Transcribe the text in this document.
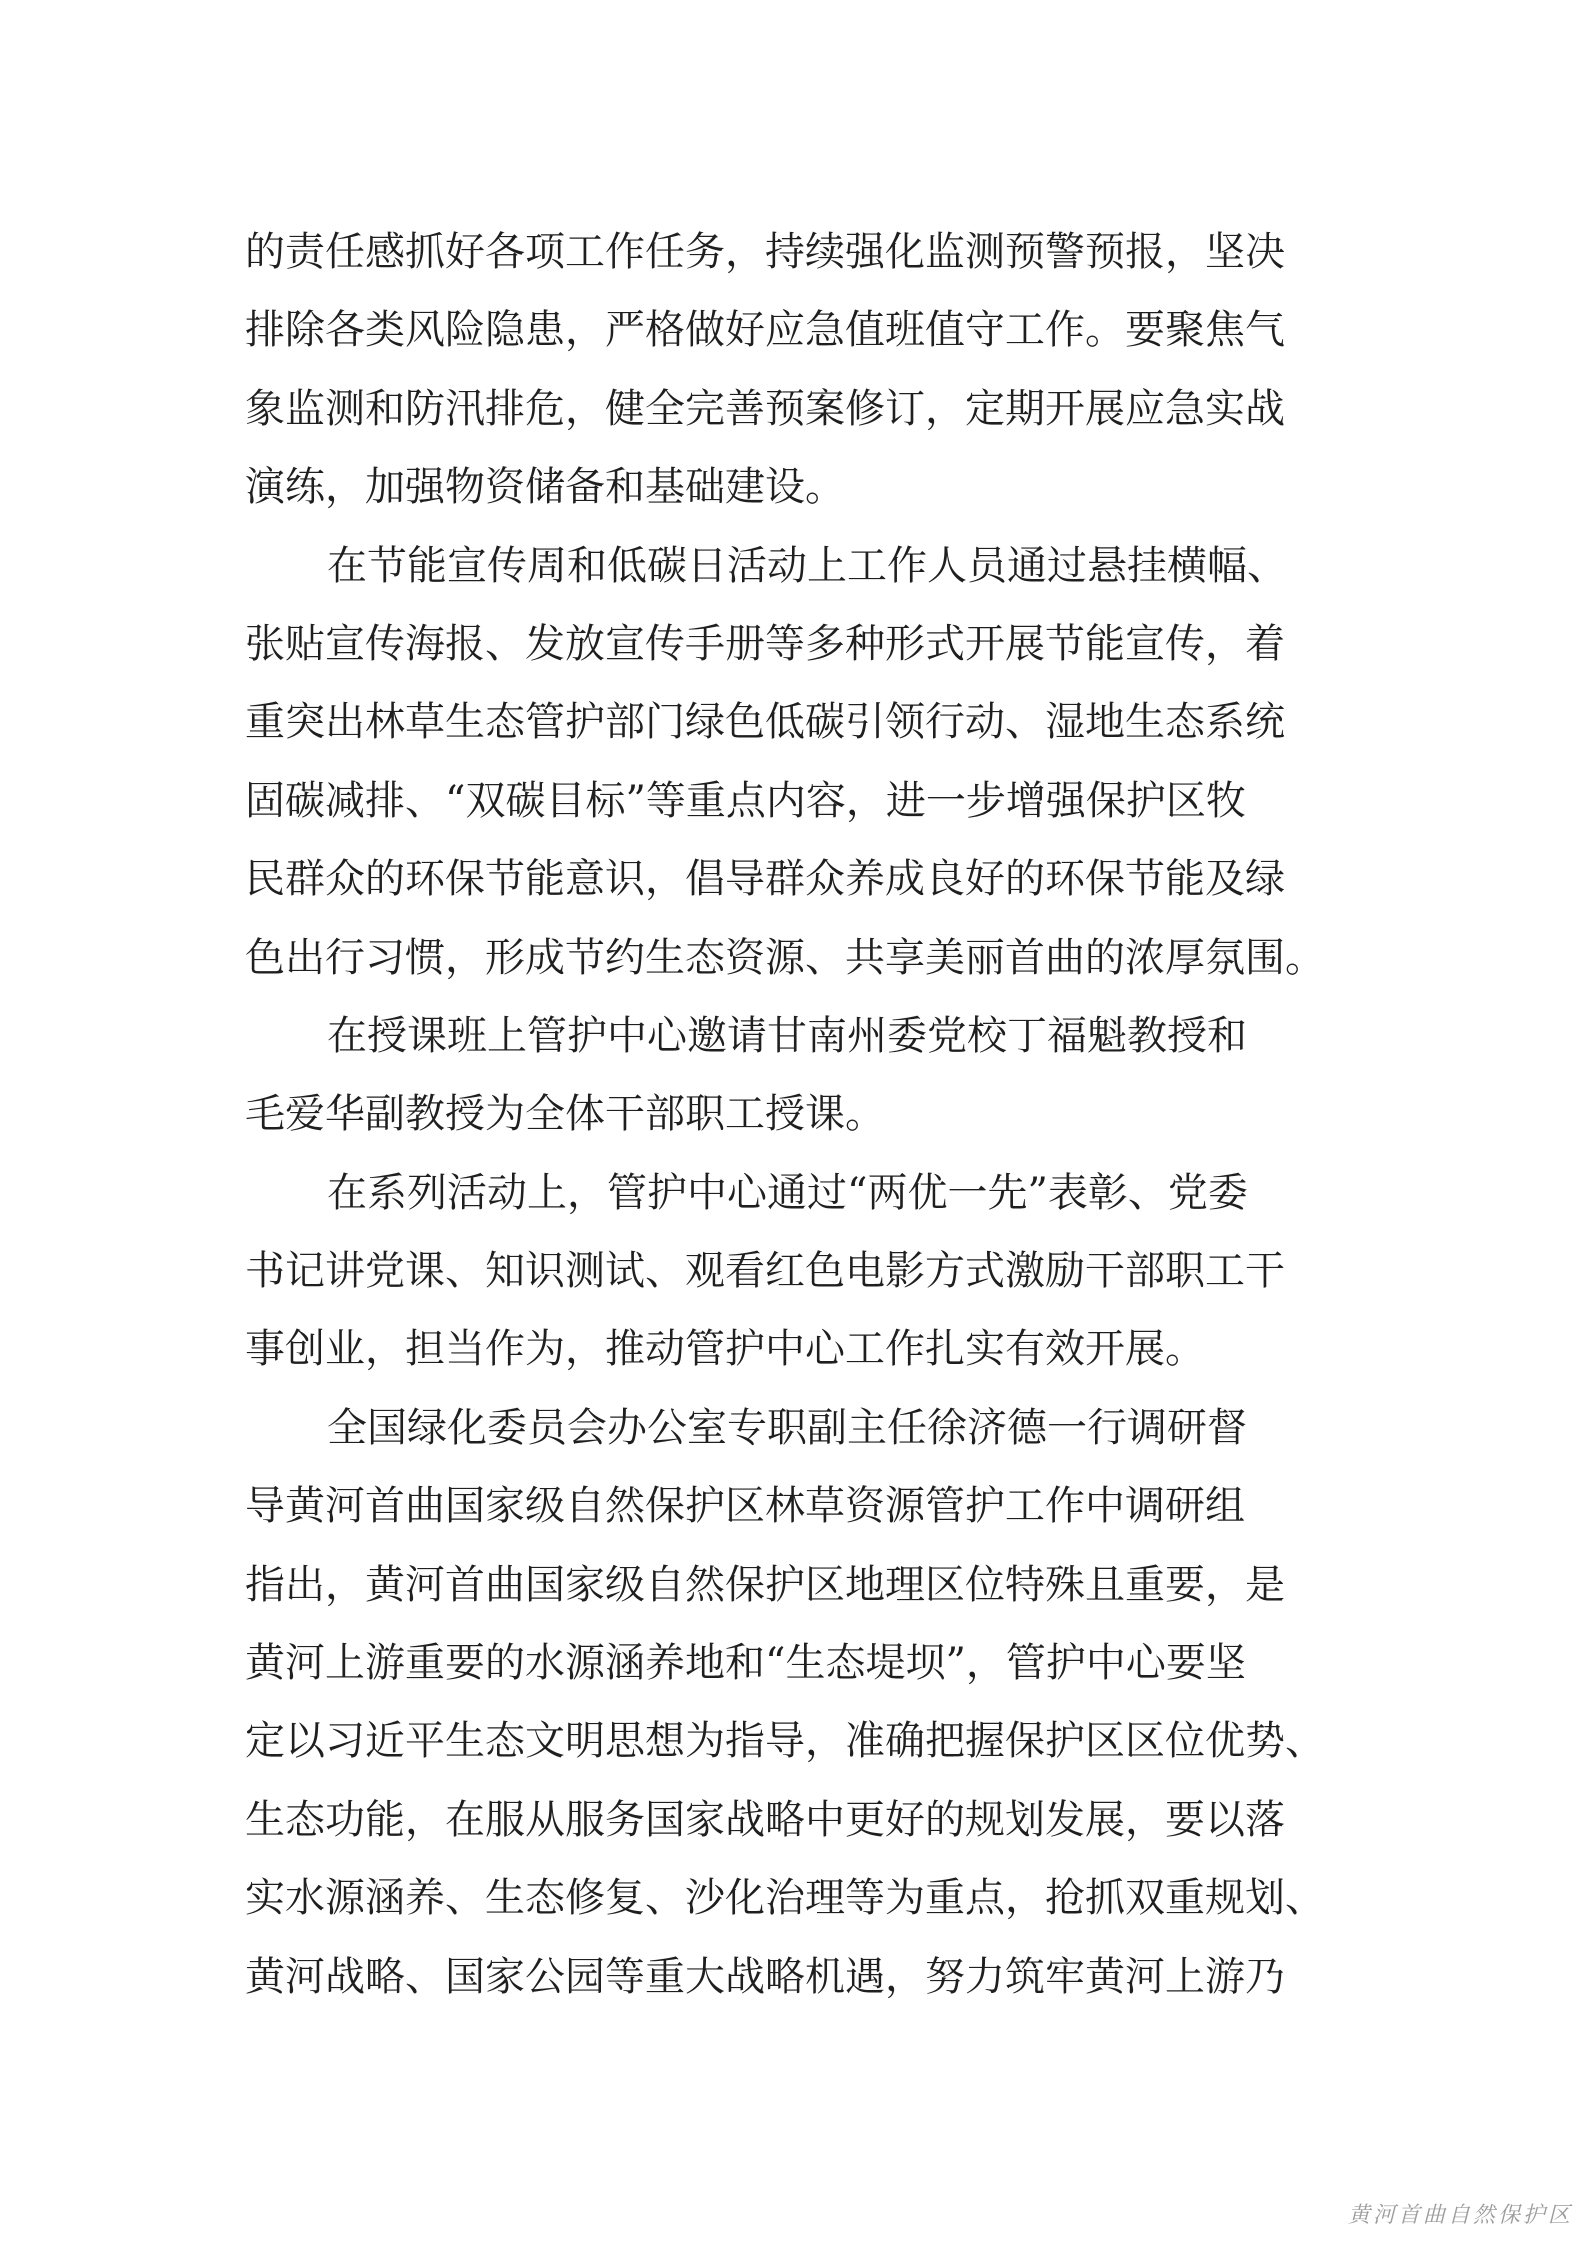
的责任感抓好各项工作任务，持续强化监测预警预报，坚决
排除各类风险隐患，严格做好应急值班值守工作。要聚焦气
象监测和防汛排危，健全完善预案修订，定期开展应急实战
演练，加强物资储备和基础建设。
在节能宣传周和低碳日活动上工作人员通过悬挂横幅、
张贴宣传海报、发放宣传手册等多种形式开展节能宣传，着
重突出林草生态管护部门绿色低碳引领行动、湿地生态系统
固碳减排、“双碳目标”等重点内容，进一步增强保护区牧
民群众的环保节能意识，倡导群众养成良好的环保节能及绿
色出行习惯，形成节约生态资源、共享美丽首曲的浓厚氛围。
在授课班上管护中心邀请甘南州委党校丁福魁教授和
毛爱华副教授为全体干部职工授课。
在系列活动上，管护中心通过“两优一先”表彰、党委
书记讲党课、知识测试、观看红色电影方式激励干部职工干
事创业，担当作为，推动管护中心工作扎实有效开展。
全国绿化委员会办公室专职副主任徐济德一行调研督
导黄河首曲国家级自然保护区林草资源管护工作中调研组
指出，黄河首曲国家级自然保护区地理区位特殊且重要，是
黄河上游重要的水源涵养地和“生态堤坝”，管护中心要坚
定以习近平生态文明思想为指导，准确把握保护区区位优势、
生态功能，在服从服务国家战略中更好的规划发展，要以落
实水源涵养、生态修复、沙化治理等为重点，抢抓双重规划、
黄河战略、国家公园等重大战略机遇，努力筑牢黄河上游乃
黄河首曲自然保护区
